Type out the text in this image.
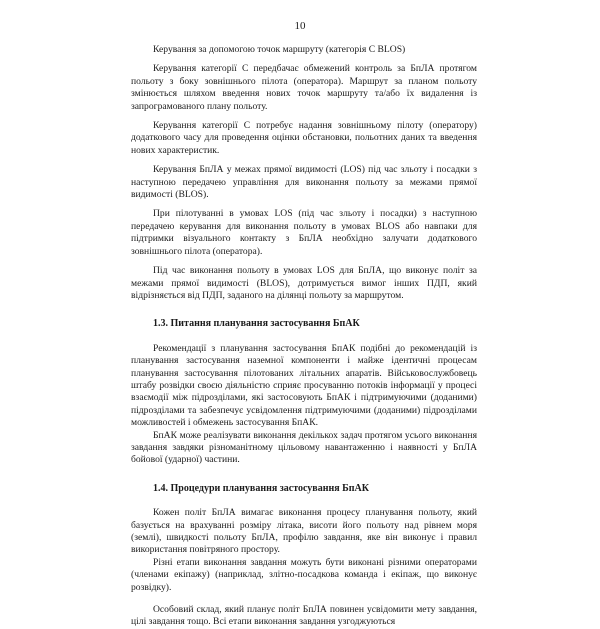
10

Керування за допомогою точок маршруту (категорія C BLOS)

Керування категорії C передбачає обмежений контроль за БпЛА протягом польоту з боку зовнішнього пілота (оператора). Маршрут за планом польоту змінюється шляхом введення нових точок маршруту та/або їх видалення із запрограмованого плану польоту.

Керування категорії C потребує надання зовнішньому пілоту (оператору) додаткового часу для проведення оцінки обстановки, польотних даних та введення нових характеристик.

Керування БпЛА у межах прямої видимості (LOS) під час зльоту і посадки з наступною передачею управління для виконання польоту за межами прямої видимості (BLOS).

При пілотуванні в умовах LOS (під час зльоту і посадки) з наступною передачею керування для виконання польоту в умовах BLOS або навпаки для підтримки візуального контакту з БпЛА необхідно залучати додаткового зовнішнього пілота (оператора).

Під час виконання польоту в умовах LOS для БпЛА, що виконує політ за межами прямої видимості (BLOS), дотримується вимог інших ПДП, який відрізняється від ПДП, заданого на ділянці польоту за маршрутом.

1.3. Питання планування застосування БпАК

Рекомендації з планування застосування БпАК подібні до рекомендацій із планування застосування наземної компоненти і майже ідентичні процесам планування застосування пілотованих літальних апаратів. Військовослужбовець штабу розвідки своєю діяльністю сприяє просуванню потоків інформації у процесі взаємодії між підрозділами, які застосовують БпАК і підтримуючими (доданими) підрозділами та забезпечує усвідомлення підтримуючими (доданими) підрозділами можливостей і обмежень застосування БпАК.

БпАК може реалізувати виконання декількох задач протягом усього виконання завдання завдяки різноманітному цільовому навантаженню і наявності у БпЛА бойової (ударної) частини.

1.4. Процедури планування застосування БпАК

Кожен політ БпЛА вимагає виконання процесу планування польоту, який базується на врахуванні розміру літака, висоти його польоту над рівнем моря (землі), швидкості польоту БпЛА, профілю завдання, яке він виконує і правил використання повітряного простору.

Різні етапи виконання завдання можуть бути виконані різними операторами (членами екіпажу) (наприклад, злітно-посадкова команда і екіпаж, що виконує розвідку).

Особовий склад, який планує політ БпЛА повинен усвідомити мету завдання, цілі завдання тощо. Всі етапи виконання завдання узгоджуються
